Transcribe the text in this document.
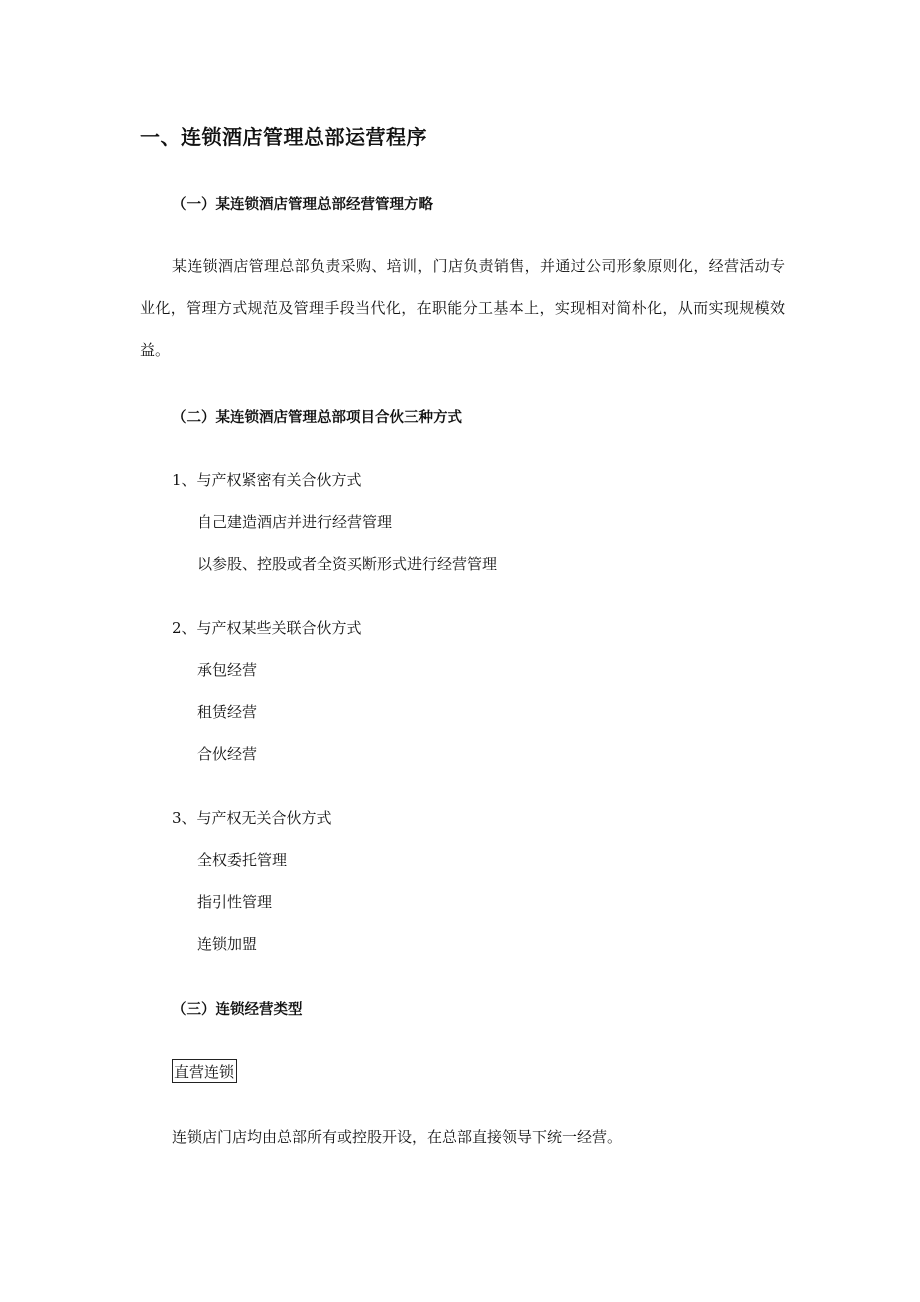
一、连锁酒店管理总部运营程序
（一）某连锁酒店管理总部经营管理方略
某连锁酒店管理总部负责采购、培训，门店负责销售，并通过公司形象原则化，经营活动专业化，管理方式规范及管理手段当代化，在职能分工基本上，实现相对简朴化，从而实现规模效益。
（二）某连锁酒店管理总部项目合伙三种方式
1、与产权紧密有关合伙方式
自己建造酒店并进行经营管理
以参股、控股或者全资买断形式进行经营管理
2、与产权某些关联合伙方式
承包经营
租赁经营
合伙经营
3、与产权无关合伙方式
全权委托管理
指引性管理
连锁加盟
（三）连锁经营类型
直营连锁
连锁店门店均由总部所有或控股开设，在总部直接领导下统一经营。
